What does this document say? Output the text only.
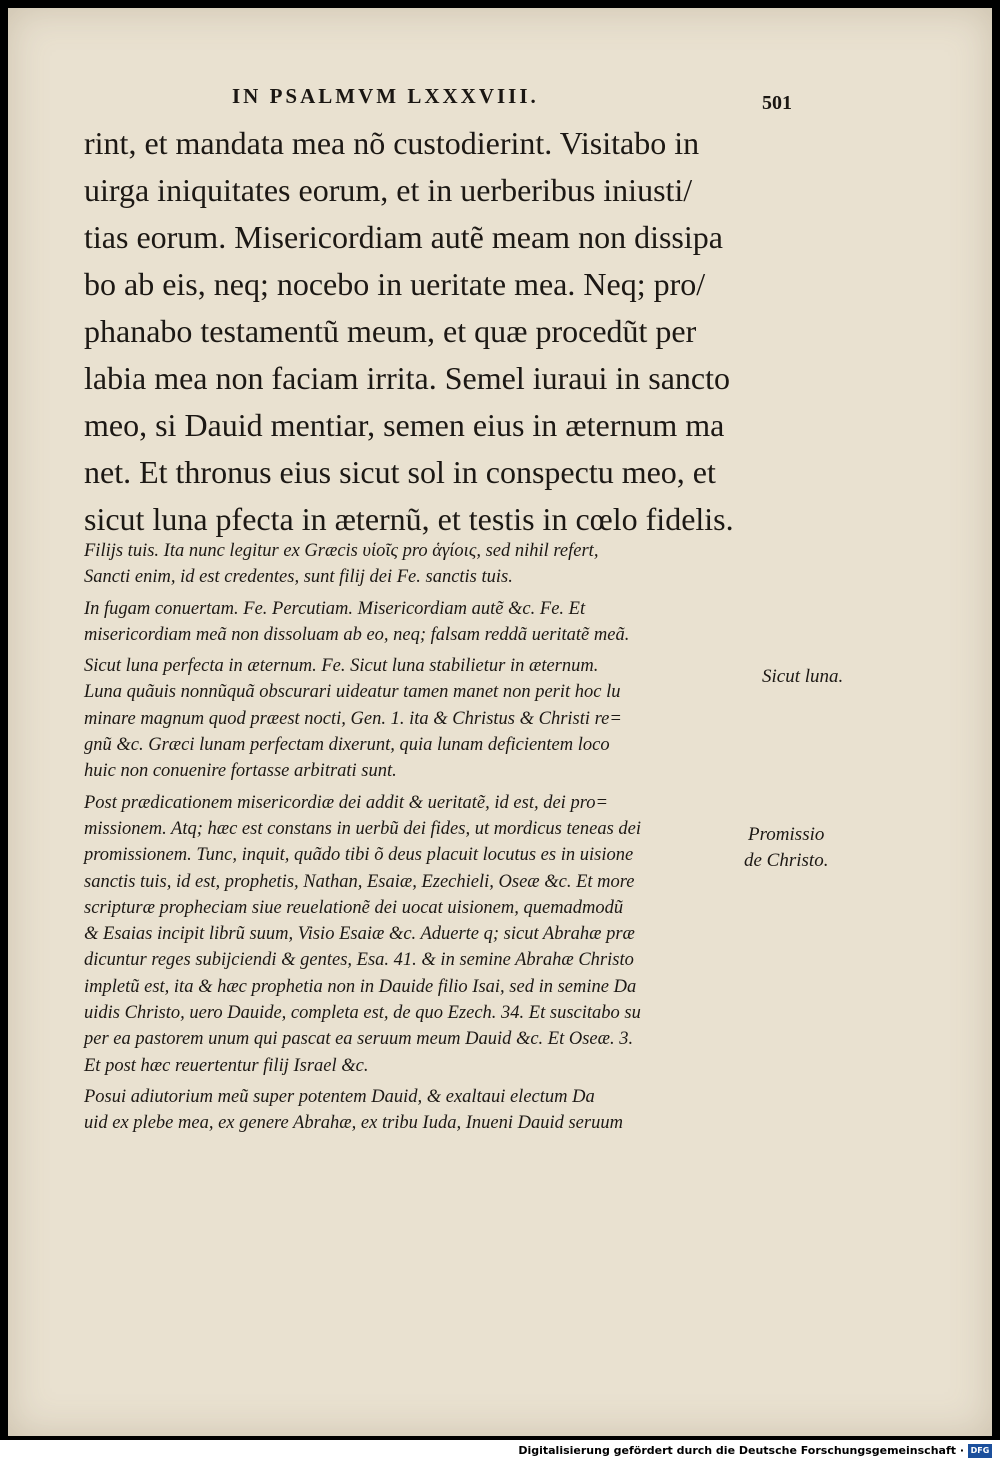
IN PSALMVM LXXXVIII.	501
rint, et mandata mea nõ custodierint. Visitabo in
uirga iniquitates eorum, et in uerberibus iniusti/
tias eorum. Misericordiam autẽ meam non dissipa
bo ab eis, neq; nocebo in ueritate mea. Neq; pro/
phanabo testamentũ meum, et quæ procedũt per
labia mea non faciam irrita. Semel iuraui in sancto
meo, si Dauid mentiar, semen eius in æternum ma
net. Et thronus eius sicut sol in conspectu meo, et
sicut luna pfecta in æternũ, et testis in cœlo fidelis.
Filijs tuis. Ita nunc legitur ex Græcis υἱοῖς pro ἁγίοις, sed nihil refert,
Sancti enim, id est credentes, sunt filij dei Fe. sanctis tuis.
In fugam conuertam. Fe. Percutiam. Misericordiam autẽ &c. Fe. Et
misericordiam meã non dissoluam ab eo, neq; falsam reddã ueritatẽ meã.
Sicut luna perfecta in æternum. Fe. Sicut luna stabilietur in æternum.
Luna quãuis nonnũquã obscurari uideatur tamen manet non perit hoc lu
minare magnum quod præest nocti, Gen. 1. ita & Christus & Christi re=
gnũ &c. Græci lunam perfectam dixerunt, quia lunam deficientem loco
huic non conuenire fortasse arbitrati sunt.
Post prædicationem misericordiæ dei addit & ueritatẽ, id est, dei pro=
missionem. Atq; hæc est constans in uerbũ dei fides, ut mordicus teneas dei
promissionem. Tunc, inquit, quãdo tibi õ deus placuit locutus es in uisione
sanctis tuis, id est, prophetis, Nathan, Esaiæ, Ezechieli, Oseæ &c. Et more
scripturæ propheciam siue reuelationẽ dei uocat uisionem, quemadmodũ
& Esaias incipit librũ suum, Visio Esaiæ &c. Aduerte q; sicut Abrahæ præ
dicuntur reges subijciendi & gentes, Esa. 41. & in semine Abrahæ Christo
impletũ est, ita & hæc prophetia non in Dauide filio Isai, sed in semine Da
uidis Christo, uero Dauide, completa est, de quo Ezech. 34. Et suscitabo su
per ea pastorem unum qui pascat ea seruum meum Dauid &c. Et Oseæ. 3.
Et post hæc reuertentur filij Israel &c.
Posui adiutorium meũ super potentem Dauid, & exaltaui electum Da
uid ex plebe mea, ex genere Abrahæ, ex tribu Iuda, Inueni Dauid seruum
Sicut luna.
Promissio
de Christo.
Digitalisierung gefördert durch die Deutsche Forschungsgemeinschaft · DFG
